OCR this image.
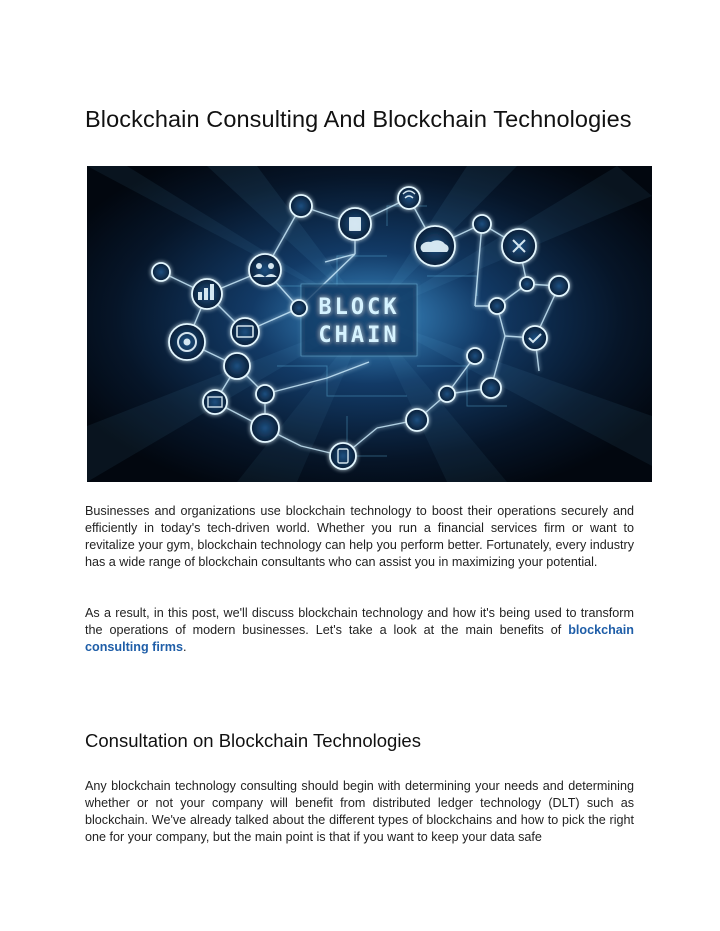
Blockchain Consulting And Blockchain Technologies
BLOCK
CHAIN

Businesses and organizations use blockchain technology to boost their operations securely and efficiently in today's tech-driven world. Whether you run a financial services firm or want to revitalize your gym, blockchain technology can help you perform better. Fortunately, every industry has a wide range of blockchain consultants who can assist you in maximizing your potential.

As a result, in this post, we'll discuss blockchain technology and how it's being used to transform the operations of modern businesses. Let's take a look at the main benefits of blockchain consulting firms.

Consultation on Blockchain Technologies

Any blockchain technology consulting should begin with determining your needs and determining whether or not your company will benefit from distributed ledger technology (DLT) such as blockchain. We've already talked about the different types of blockchains and how to pick the right one for your company, but the main point is that if you want to keep your data safe
